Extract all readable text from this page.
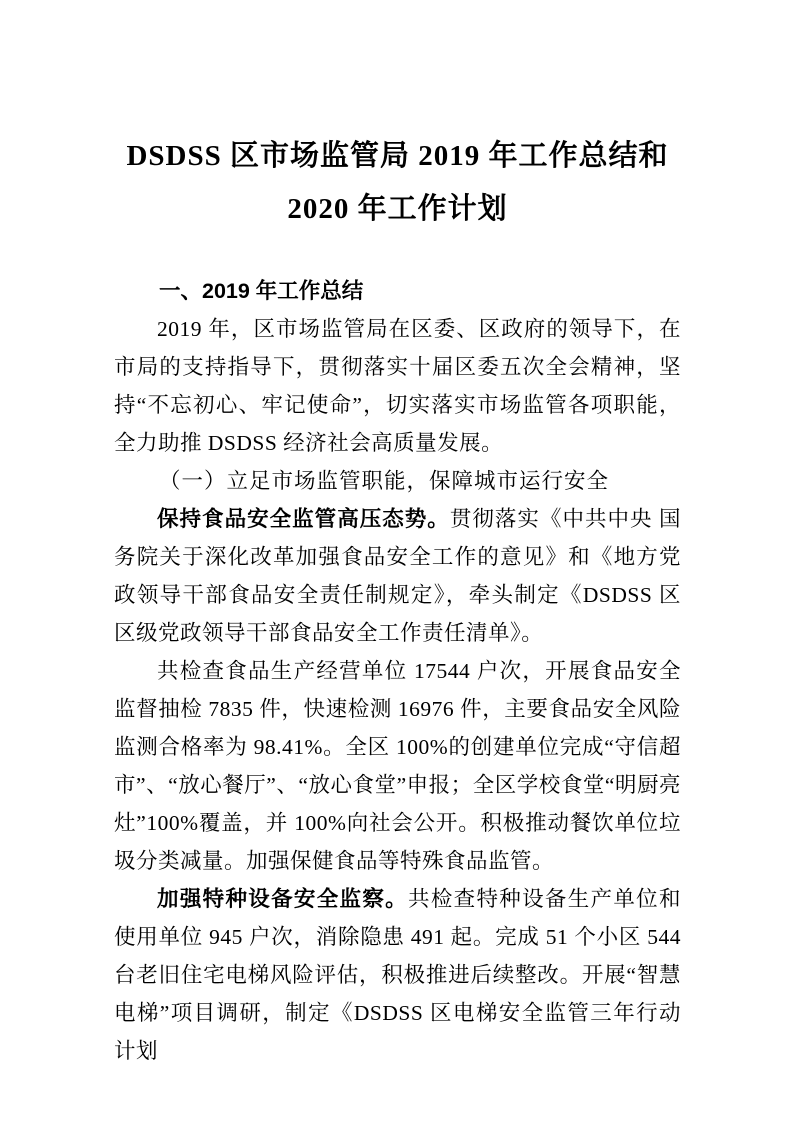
DSDSS 区市场监管局 2019 年工作总结和
2020 年工作计划
一、2019 年工作总结

2019 年，区市场监管局在区委、区政府的领导下，在市局的支持指导下，贯彻落实十届区委五次全会精神，坚持“不忘初心、牢记使命”，切实落实市场监管各项职能，全力助推 DSDSS 经济社会高质量发展。

（一）立足市场监管职能，保障城市运行安全

保持食品安全监管高压态势。贯彻落实《中共中央 国务院关于深化改革加强食品安全工作的意见》和《地方党政领导干部食品安全责任制规定》，牵头制定《DSDSS 区区级党政领导干部食品安全工作责任清单》。

共检查食品生产经营单位 17544 户次，开展食品安全监督抽检 7835 件，快速检测 16976 件，主要食品安全风险监测合格率为 98.41%。全区 100%的创建单位完成“守信超市”、“放心餐厅”、“放心食堂”申报；全区学校食堂“明厨亮灶”100%覆盖，并 100%向社会公开。积极推动餐饮单位垃圾分类减量。加强保健食品等特殊食品监管。

加强特种设备安全监察。共检查特种设备生产单位和使用单位 945 户次，消除隐患 491 起。完成 51 个小区 544 台老旧住宅电梯风险评估，积极推进后续整改。开展“智慧电梯”项目调研，制定《DSDSS 区电梯安全监管三年行动计划
